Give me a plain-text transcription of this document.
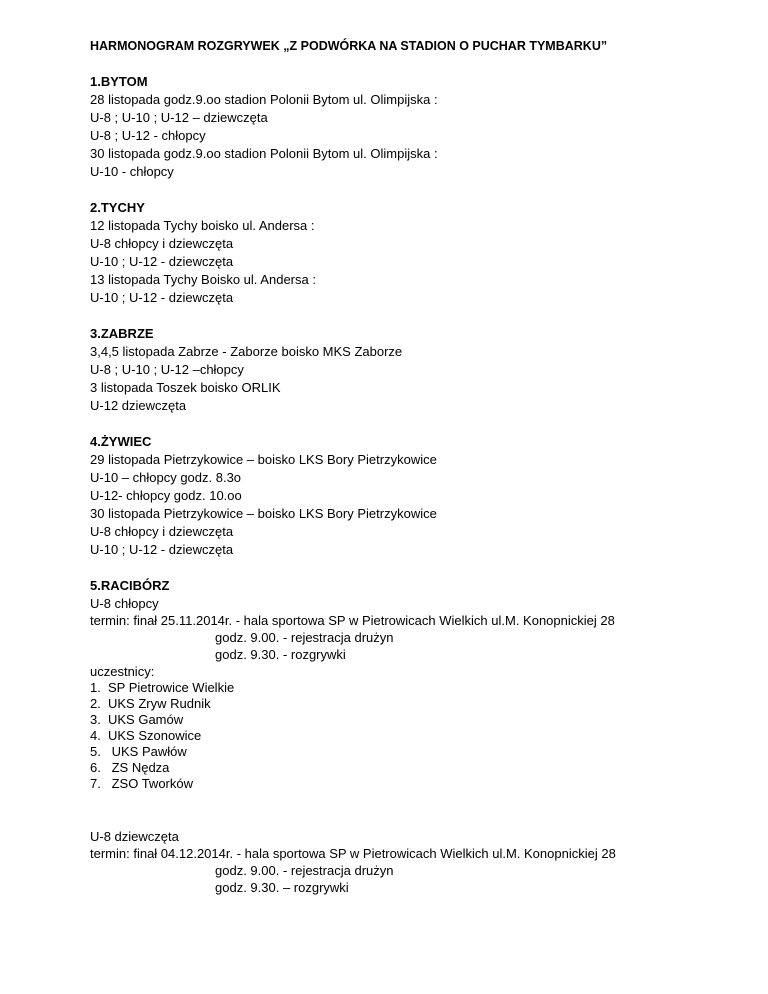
HARMONOGRAM ROZGRYWEK „Z PODWÓRKA NA STADION O PUCHAR TYMBARKU”
1.BYTOM
28 listopada godz.9.oo stadion Polonii Bytom ul. Olimpijska :
U-8 ; U-10 ; U-12 – dziewczęta
U-8 ; U-12 - chłopcy
30 listopada godz.9.oo stadion Polonii Bytom ul. Olimpijska :
U-10 - chłopcy
2.TYCHY
12 listopada Tychy boisko ul. Andersa :
U-8 chłopcy i dziewczęta
U-10 ; U-12 - dziewczęta
13 listopada Tychy Boisko ul. Andersa :
U-10 ; U-12 - dziewczęta
3.ZABRZE
3,4,5 listopada Zabrze - Zaborze boisko MKS Zaborze
U-8 ; U-10 ; U-12 –chłopcy
3 listopada Toszek boisko ORLIK
U-12 dziewczęta
4.ŻYWIEC
29 listopada Pietrzykowice – boisko LKS Bory Pietrzykowice
U-10 – chłopcy godz. 8.3o
U-12- chłopcy godz. 10.oo
30 listopada Pietrzykowice – boisko LKS Bory Pietrzykowice
U-8 chłopcy i dziewczęta
U-10 ; U-12 - dziewczęta
5.RACIBÓRZ
U-8 chłopcy
termin: finał 25.11.2014r. - hala sportowa SP w Pietrowicach Wielkich ul.M. Konopnickiej 28
godz. 9.00. - rejestracja drużyn
godz. 9.30. - rozgrywki
uczestnicy:
1. SP Pietrowice Wielkie
2. UKS Zryw Rudnik
3. UKS Gamów
4. UKS Szonowice
5. UKS Pawłów
6. ZS Nędza
7. ZSO Tworków
U-8 dziewczęta
termin: finał 04.12.2014r. - hala sportowa SP w Pietrowicach Wielkich ul.M. Konopnickiej 28
godz. 9.00. - rejestracja drużyn
godz. 9.30. – rozgrywki
